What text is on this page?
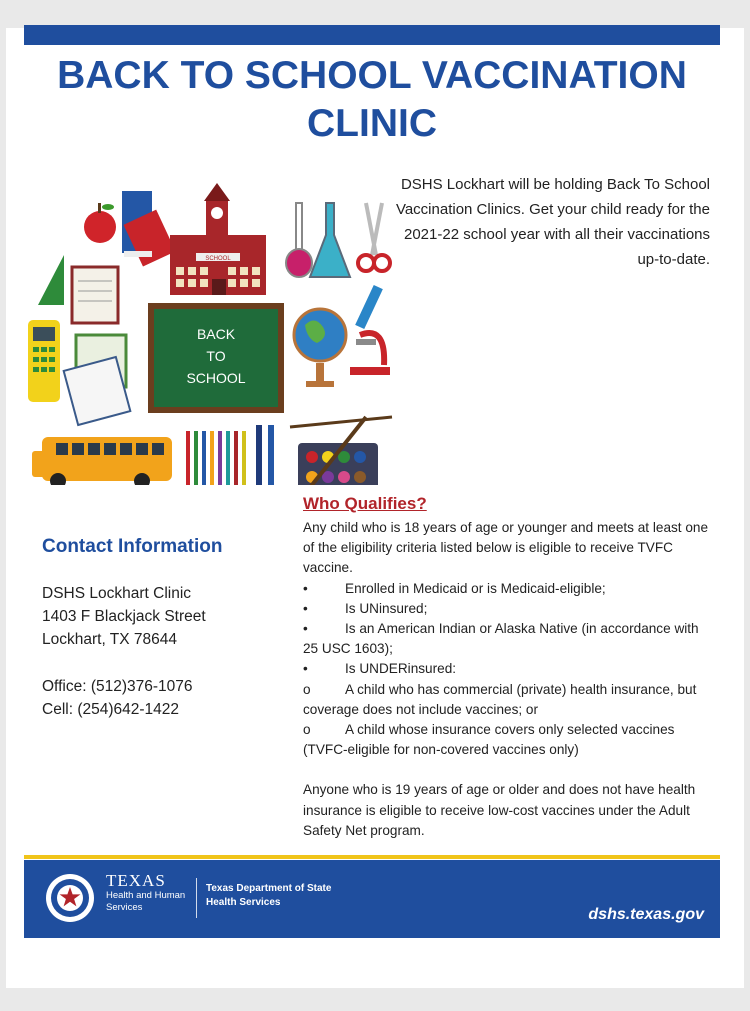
BACK TO SCHOOL VACCINATION
CLINIC
DSHS Lockhart will be holding Back To School Vaccination Clinics. Get your child ready for the 2021-22 school year with all their vaccinations up-to-date.
SCHOOL
BACK
TO
SCHOOL
Who Qualifies?
Any child who is 18 years of age or younger and meets at least one of the eligibility criteria listed below is eligible to receive TVFC vaccine.
•	Enrolled in Medicaid or is Medicaid-eligible;
•	Is UNinsured;
•	Is an American Indian or Alaska Native (in accordance with 25 USC 1603);
•	Is UNDERinsured:
o	A child who has commercial (private) health insurance, but coverage does not include vaccines; or
o	A child whose insurance covers only selected vaccines (TVFC-eligible for non-covered vaccines only)
Anyone who is 19 years of age or older and does not have health insurance is eligible to receive low-cost vaccines under the Adult Safety Net program.
Contact Information
DSHS Lockhart Clinic
1403 F Blackjack Street
Lockhart, TX 78644
Office: (512)376-1076
Cell: (254)642-1422
TEXAS
Health and Human
Services
Texas Department of State
Health Services
dshs.texas.gov
